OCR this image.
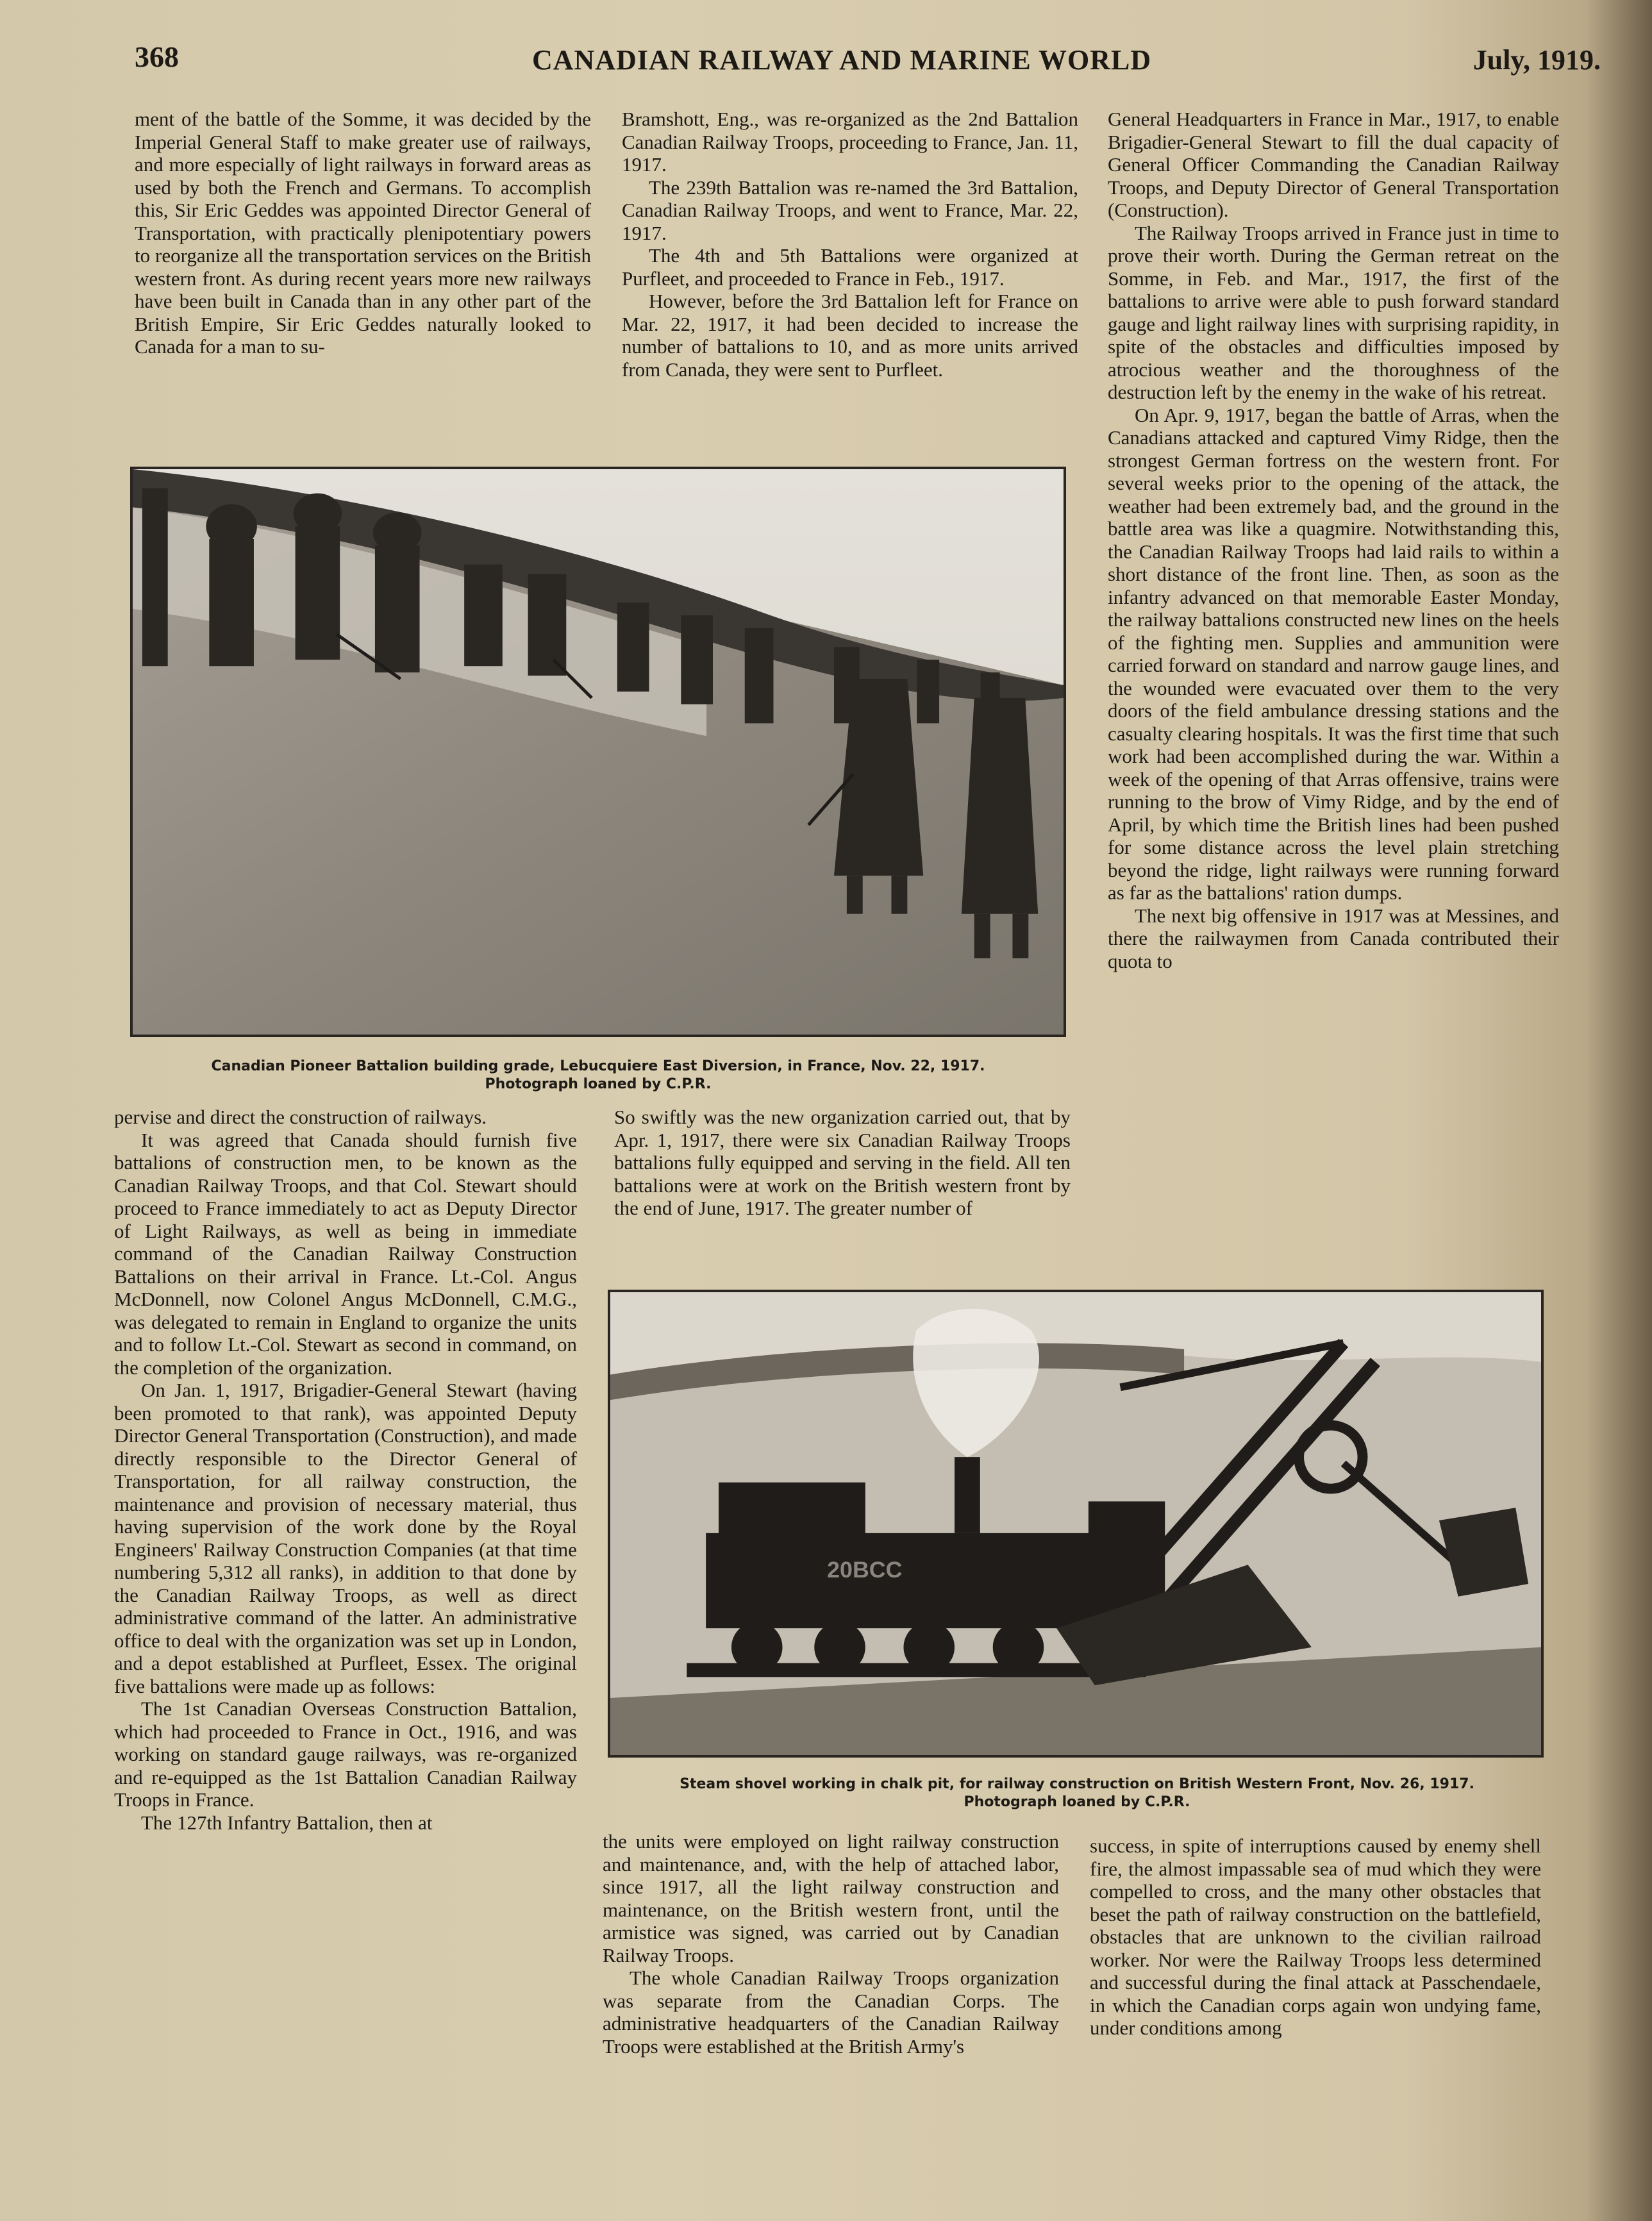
368	CANADIAN RAILWAY AND MARINE WORLD	July, 1919.

ment of the battle of the Somme, it was decided by the Imperial General Staff to make greater use of railways, and more especially of light railways in forward areas as used by both the French and Germans. To accomplish this, Sir Eric Geddes was appointed Director General of Transportation, with practically plenipotentiary powers to reorganize all the transportation services on the British western front. As during recent years more new railways have been built in Canada than in any other part of the British Empire, Sir Eric Geddes naturally looked to Canada for a man to su-

Bramshott, Eng., was re-organized as the 2nd Battalion Canadian Railway Troops, proceeding to France, Jan. 11, 1917.

The 239th Battalion was re-named the 3rd Battalion, Canadian Railway Troops, and went to France, Mar. 22, 1917.

The 4th and 5th Battalions were organized at Purfleet, and proceeded to France in Feb., 1917.

However, before the 3rd Battalion left for France on Mar. 22, 1917, it had been decided to increase the number of battalions to 10, and as more units arrived from Canada, they were sent to Purfleet.

General Headquarters in France in Mar., 1917, to enable Brigadier-General Stewart to fill the dual capacity of General Officer Commanding the Canadian Railway Troops, and Deputy Director of General Transportation (Construction).

The Railway Troops arrived in France just in time to prove their worth. During the German retreat on the Somme, in Feb. and Mar., 1917, the first of the battalions to arrive were able to push forward standard gauge and light railway lines with surprising rapidity, in spite of the obstacles and difficulties imposed by atrocious weather and the thoroughness of the destruction left by the enemy in the wake of his retreat.

On Apr. 9, 1917, began the battle of Arras, when the Canadians attacked and captured Vimy Ridge, then the strongest German fortress on the western front. For several weeks prior to the opening of the attack, the weather had been extremely bad, and the ground in the battle area was like a quagmire. Notwithstanding this, the Canadian Railway Troops had laid rails to within a short distance of the front line. Then, as soon as the infantry advanced on that memorable Easter Monday, the railway battalions constructed new lines on the heels of the fighting men. Supplies and ammunition were carried forward on standard and narrow gauge lines, and the wounded were evacuated over them to the very doors of the field ambulance dressing stations and the casualty clearing hospitals. It was the first time that such work had been accomplished during the war. Within a week of the opening of that Arras offensive, trains were running to the brow of Vimy Ridge, and by the end of April, by which time the British lines had been pushed for some distance across the level plain stretching beyond the ridge, light railways were running forward as far as the battalions' ration dumps.

The next big offensive in 1917 was at Messines, and there the railwaymen from Canada contributed their quota to

Canadian Pioneer Battalion building grade, Lebucquiere East Diversion, in France, Nov. 22, 1917.
Photograph loaned by C.P.R.

pervise and direct the construction of railways.

It was agreed that Canada should furnish five battalions of construction men, to be known as the Canadian Railway Troops, and that Col. Stewart should proceed to France immediately to act as Deputy Director of Light Railways, as well as being in immediate command of the Canadian Railway Construction Battalions on their arrival in France. Lt.-Col. Angus McDonnell, now Colonel Angus McDonnell, C.M.G., was delegated to remain in England to organize the units and to follow Lt.-Col. Stewart as second in command, on the completion of the organization.

On Jan. 1, 1917, Brigadier-General Stewart (having been promoted to that rank), was appointed Deputy Director General Transportation (Construction), and made directly responsible to the Director General of Transportation, for all railway construction, the maintenance and provision of necessary material, thus having supervision of the work done by the Royal Engineers' Railway Construction Companies (at that time numbering 5,312 all ranks), in addition to that done by the Canadian Railway Troops, as well as direct administrative command of the latter. An administrative office to deal with the organization was set up in London, and a depot established at Purfleet, Essex. The original five battalions were made up as follows:

The 1st Canadian Overseas Construction Battalion, which had proceeded to France in Oct., 1916, and was working on standard gauge railways, was re-organized and re-equipped as the 1st Battalion Canadian Railway Troops in France.

The 127th Infantry Battalion, then at

So swiftly was the new organization carried out, that by Apr. 1, 1917, there were six Canadian Railway Troops battalions fully equipped and serving in the field. All ten battalions were at work on the British western front by the end of June, 1917. The greater number of

20BCC
Steam shovel working in chalk pit, for railway construction on British Western Front, Nov. 26, 1917.
Photograph loaned by C.P.R.

the units were employed on light railway construction and maintenance, and, with the help of attached labor, since 1917, all the light railway construction and maintenance, on the British western front, until the armistice was signed, was carried out by Canadian Railway Troops.

The whole Canadian Railway Troops organization was separate from the Canadian Corps. The administrative headquarters of the Canadian Railway Troops were established at the British Army's

success, in spite of interruptions caused by enemy shell fire, the almost impassable sea of mud which they were compelled to cross, and the many other obstacles that beset the path of railway construction on the battlefield, obstacles that are unknown to the civilian railroad worker. Nor were the Railway Troops less determined and successful during the final attack at Passchendaele, in which the Canadian corps again won undying fame, under conditions among
